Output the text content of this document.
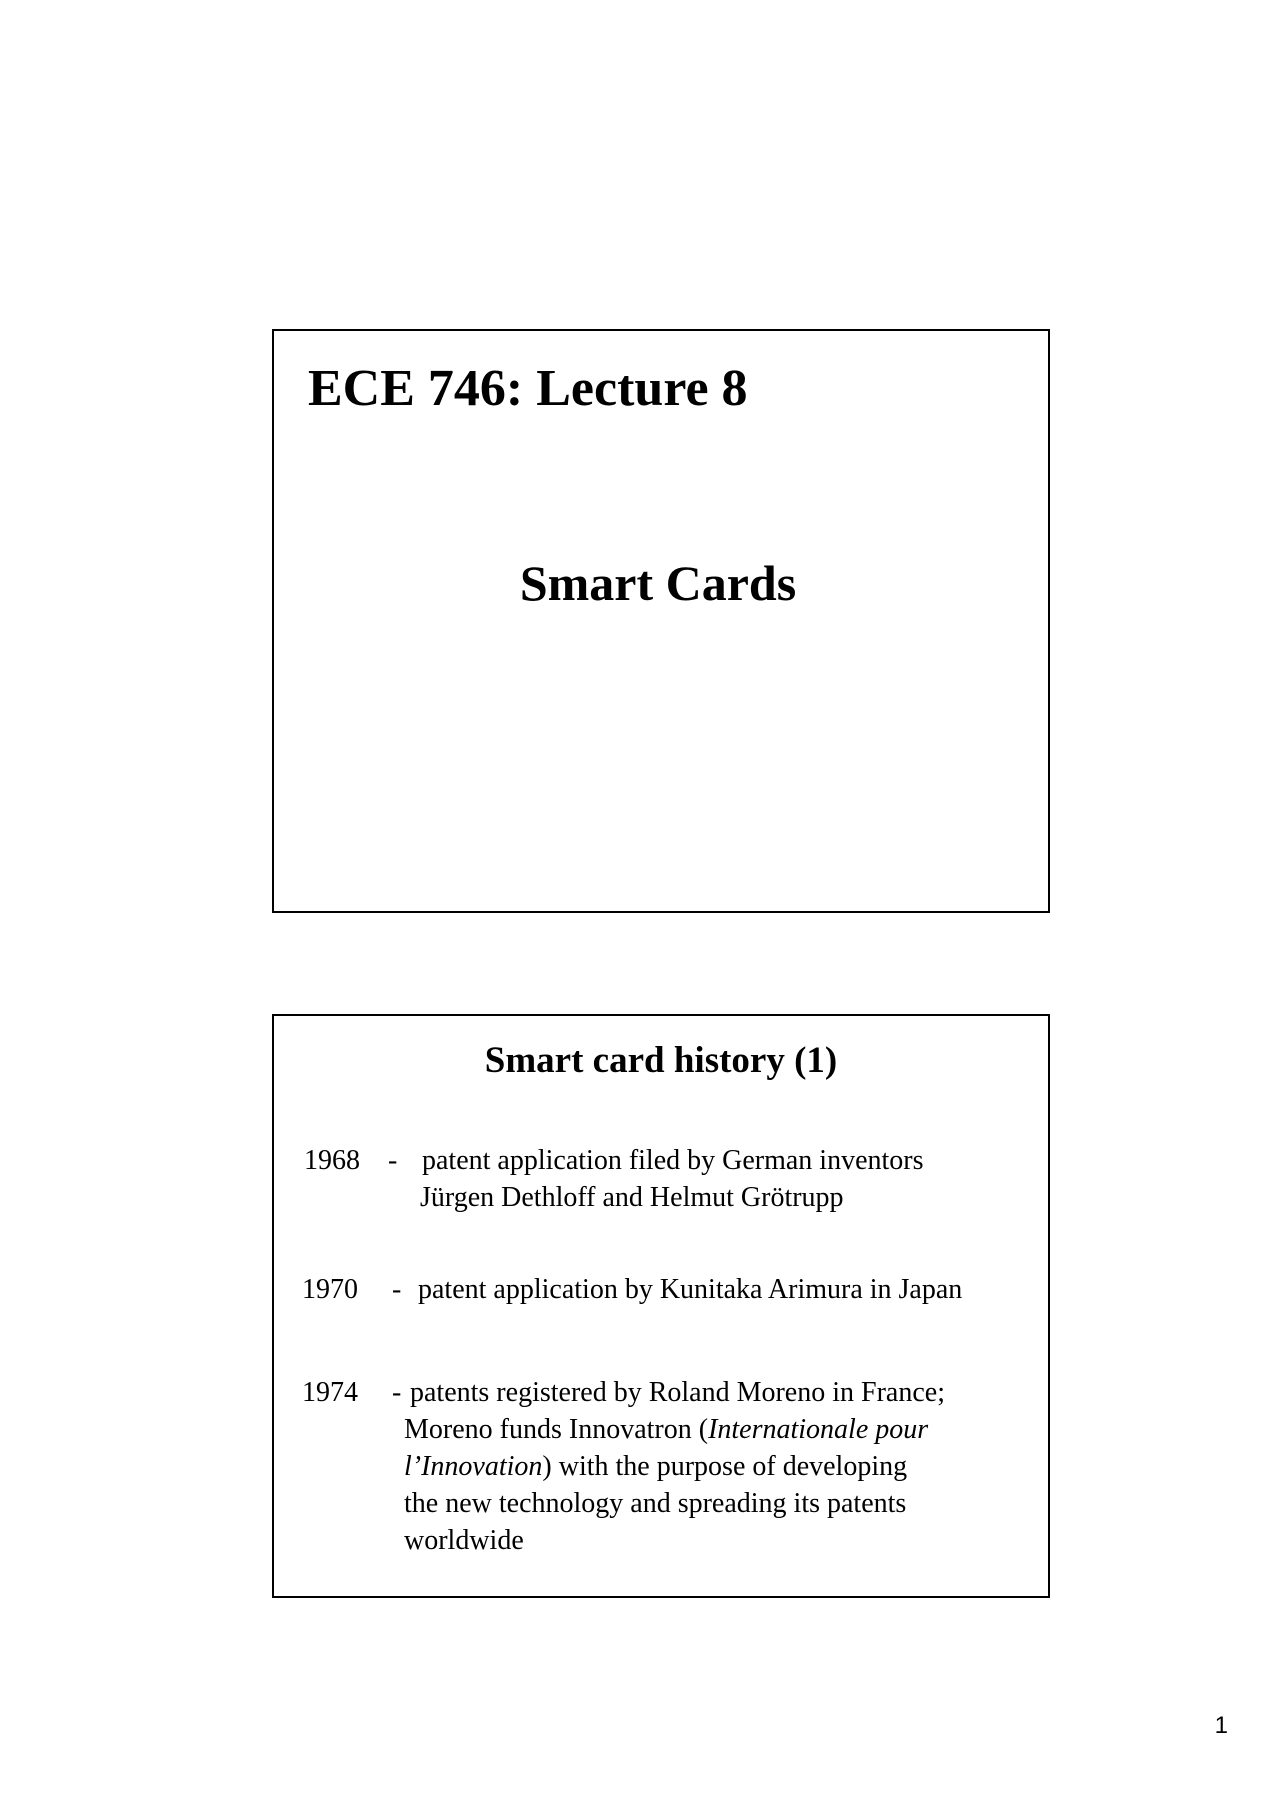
ECE 746: Lecture 8
Smart Cards
Smart card history (1)
1968 - patent application filed by German inventors
Jürgen Dethloff and Helmut Grötrupp
1970 - patent application by Kunitaka Arimura in Japan
1974 - patents registered by Roland Moreno in France;
Moreno funds Innovatron (Internationale pour
l’Innovation) with the purpose of developing
the new technology and spreading its patents
worldwide
1
